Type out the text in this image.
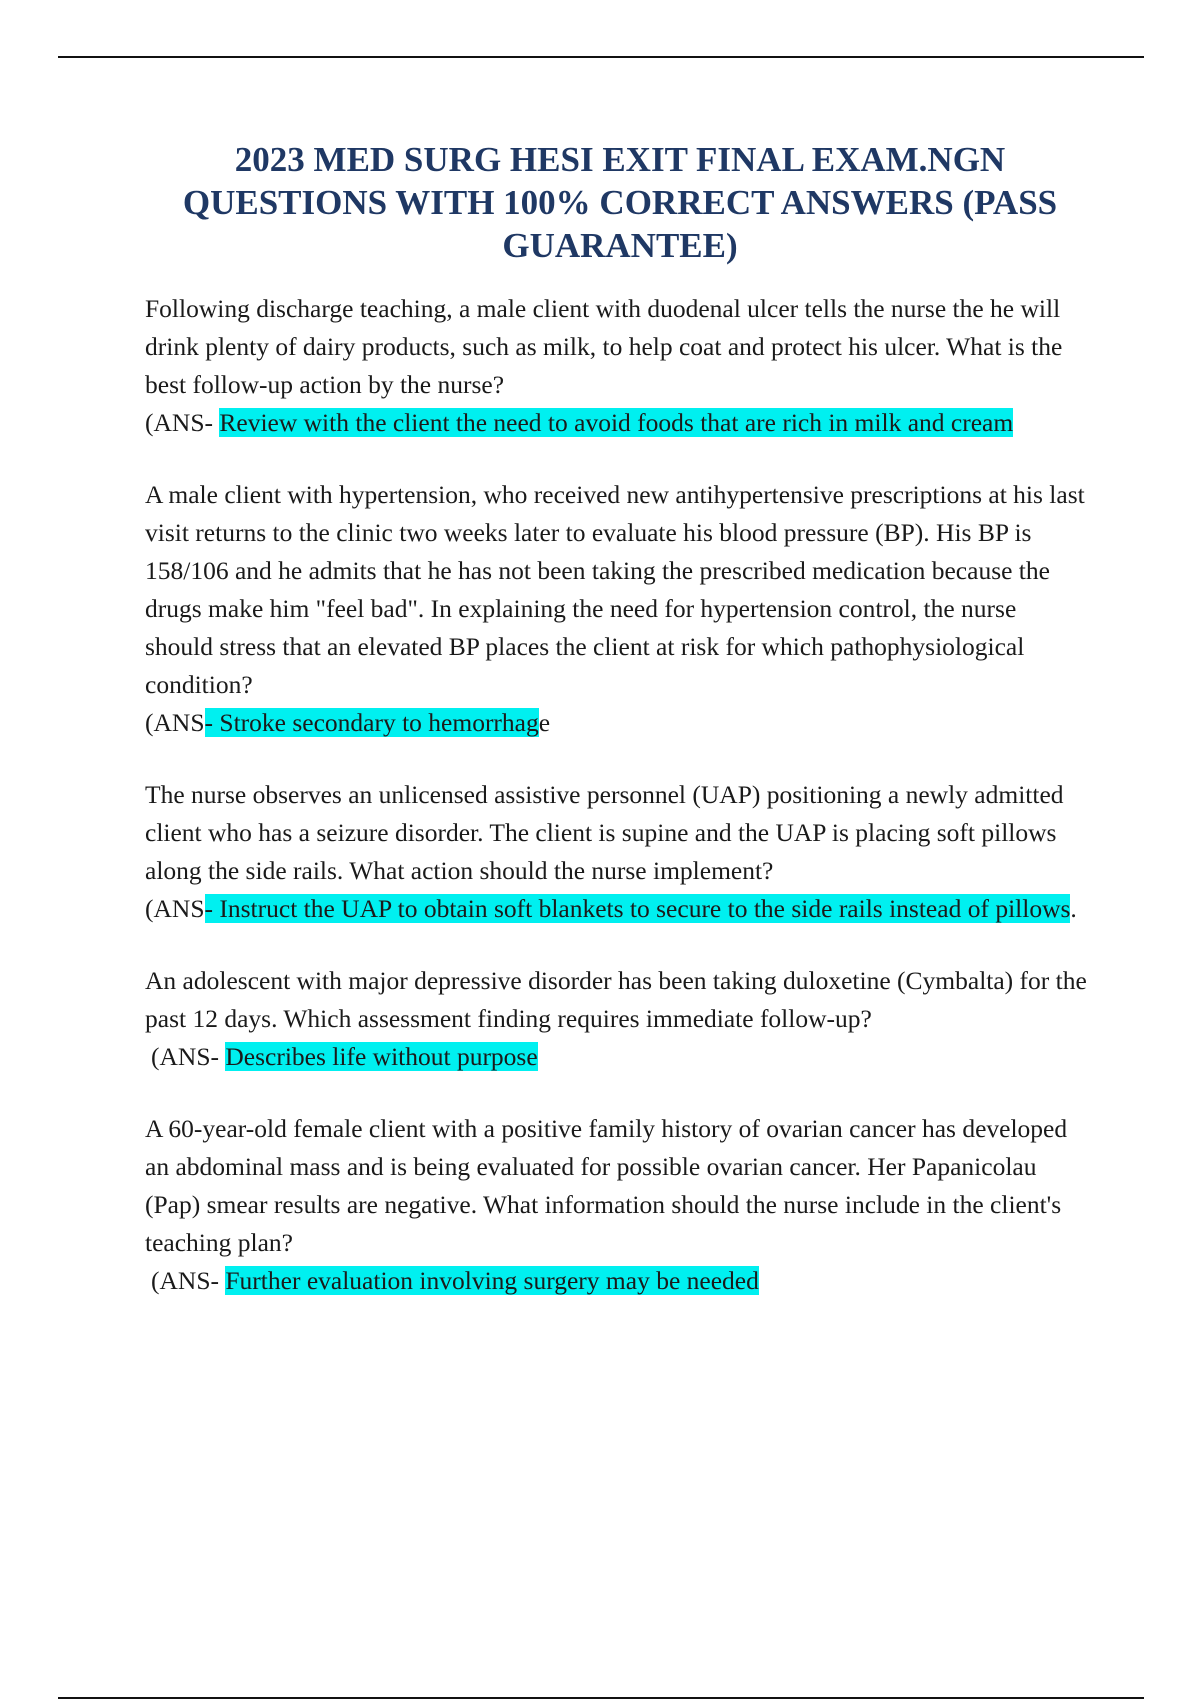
2023 MED SURG HESI EXIT FINAL EXAM.NGN QUESTIONS WITH 100% CORRECT ANSWERS (PASS GUARANTEE)

Following discharge teaching, a male client with duodenal ulcer tells the nurse the he will drink plenty of dairy products, such as milk, to help coat and protect his ulcer. What is the best follow-up action by the nurse?

(ANS- Review with the client the need to avoid foods that are rich in milk and cream

A male client with hypertension, who received new antihypertensive prescriptions at his last visit returns to the clinic two weeks later to evaluate his blood pressure (BP). His BP is 158/106 and he admits that he has not been taking the prescribed medication because the drugs make him "feel bad". In explaining the need for hypertension control, the nurse should stress that an elevated BP places the client at risk for which pathophysiological condition?

(ANS- Stroke secondary to hemorrhage

The nurse observes an unlicensed assistive personnel (UAP) positioning a newly admitted client who has a seizure disorder. The client is supine and the UAP is placing soft pillows along the side rails. What action should the nurse implement?

(ANS- Instruct the UAP to obtain soft blankets to secure to the side rails instead of pillows.

An adolescent with major depressive disorder has been taking duloxetine (Cymbalta) for the past 12 days. Which assessment finding requires immediate follow-up?

(ANS- Describes life without purpose

A 60-year-old female client with a positive family history of ovarian cancer has developed an abdominal mass and is being evaluated for possible ovarian cancer. Her Papanicolau (Pap) smear results are negative. What information should the nurse include in the client's teaching plan?

(ANS- Further evaluation involving surgery may be needed
